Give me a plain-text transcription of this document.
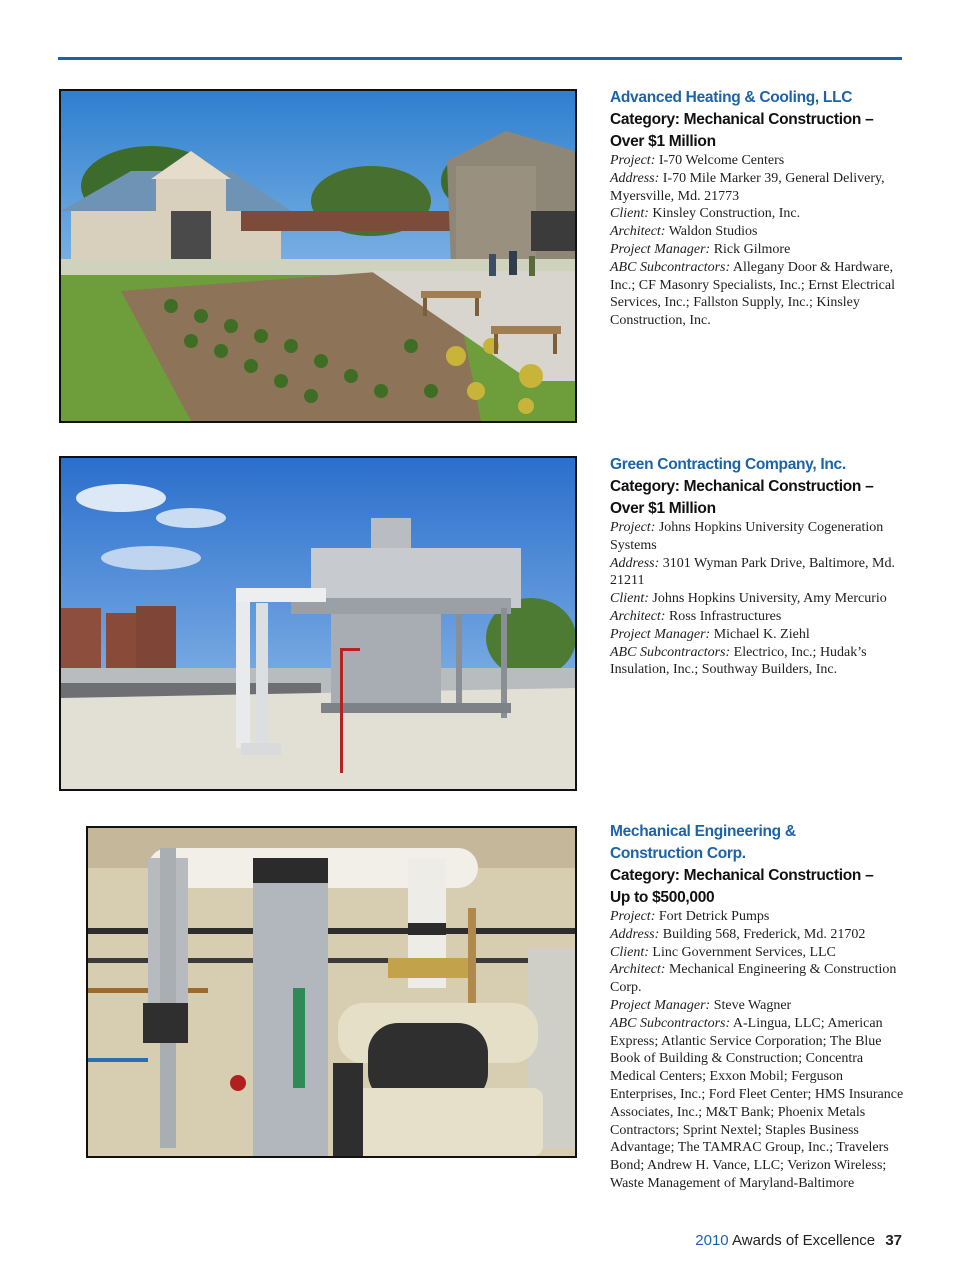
Advanced Heating & Cooling, LLC
Category: Mechanical Construction –
Over $1 Million

Project: I-70 Welcome Centers

Address: I-70 Mile Marker 39, General Delivery, Myersville, Md. 21773

Client: Kinsley Construction, Inc.

Architect: Waldon Studios

Project Manager: Rick Gilmore

ABC Subcontractors: Allegany Door & Hardware, Inc.; CF Masonry Specialists, Inc.; Ernst Electrical Services, Inc.; Fallston Supply, Inc.; Kinsley Construction, Inc.

Green Contracting Company, Inc.
Category: Mechanical Construction –
Over $1 Million

Project: Johns Hopkins University Cogeneration Systems

Address: 3101 Wyman Park Drive, Baltimore, Md. 21211

Client: Johns Hopkins University, Amy Mercurio

Architect: Ross Infrastructures

Project Manager: Michael K. Ziehl

ABC Subcontractors: Electrico, Inc.; Hudak’s Insulation, Inc.; Southway Builders, Inc.

Mechanical Engineering &
Construction Corp.
Category: Mechanical Construction –
Up to $500,000

Project: Fort Detrick Pumps

Address: Building 568, Frederick, Md. 21702

Client: Linc Government Services, LLC

Architect: Mechanical Engineering & Construction Corp.

Project Manager: Steve Wagner

ABC Subcontractors: A-Lingua, LLC; American Express; Atlantic Service Corporation; The Blue Book of Building & Construction; Concentra Medical Centers; Exxon Mobil; Ferguson Enterprises, Inc.; Ford Fleet Center; HMS Insurance Associates, Inc.; M&T Bank; Phoenix Metals Contractors; Sprint Nextel; Staples Business Advantage; The TAMRAC Group, Inc.; Travelers Bond; Andrew H. Vance, LLC; Verizon Wireless; Waste Management of Maryland-Baltimore

2010 Awards of Excellence 37
